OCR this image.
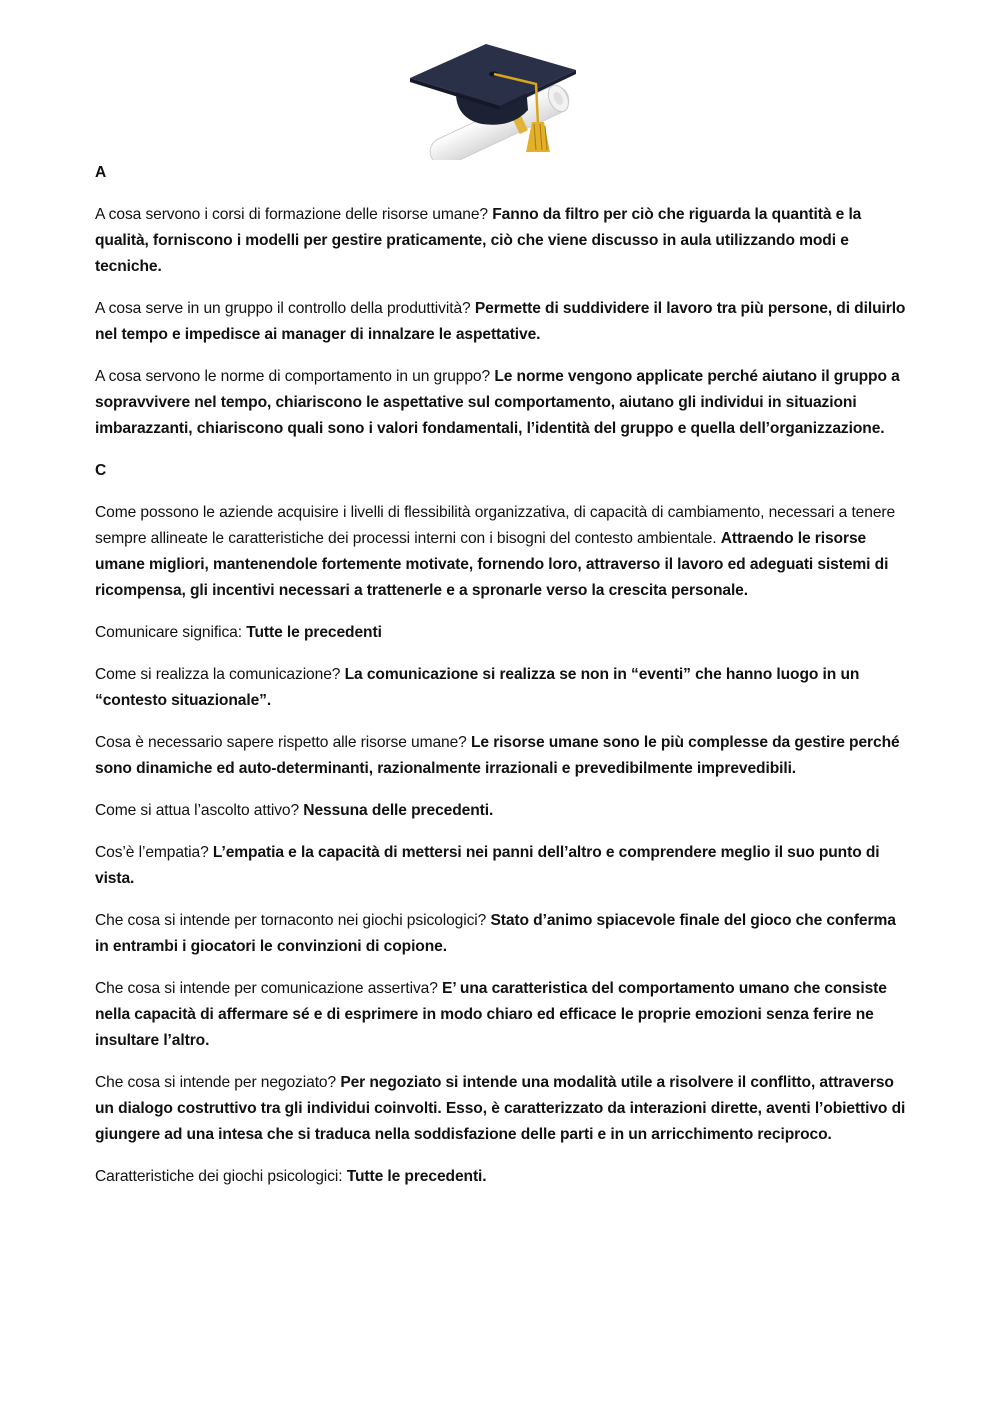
A

A cosa servono i corsi di formazione delle risorse umane? Fanno da filtro per ciò che riguarda la quantità e la qualità, forniscono i modelli per gestire praticamente, ciò che viene discusso in aula utilizzando modi e tecniche.

A cosa serve in un gruppo il controllo della produttività? Permette di suddividere il lavoro tra più persone, di diluirlo nel tempo e impedisce ai manager di innalzare le aspettative.

A cosa servono le norme di comportamento in un gruppo? Le norme vengono applicate perché aiutano il gruppo a sopravvivere nel tempo, chiariscono le aspettative sul comportamento, aiutano gli individui in situazioni imbarazzanti, chiariscono quali sono i valori fondamentali, l’identità del gruppo e quella dell’organizzazione.

C

Come possono le aziende acquisire i livelli di flessibilità organizzativa, di capacità di cambiamento, necessari a tenere sempre allineate le caratteristiche dei processi interni con i bisogni del contesto ambientale. Attraendo le risorse umane migliori, mantenendole fortemente motivate, fornendo loro, attraverso il lavoro ed adeguati sistemi di ricompensa, gli incentivi necessari a trattenerle e a spronarle verso la crescita personale.

Comunicare significa: Tutte le precedenti

Come si realizza la comunicazione? La comunicazione si realizza se non in “eventi” che hanno luogo in un “contesto situazionale”.

Cosa è necessario sapere rispetto alle risorse umane? Le risorse umane sono le più complesse da gestire perché sono dinamiche ed auto-determinanti, razionalmente irrazionali e prevedibilmente imprevedibili.

Come si attua l’ascolto attivo? Nessuna delle precedenti.

Cos’è l’empatia? L’empatia e la capacità di mettersi nei panni dell’altro e comprendere meglio il suo punto di vista.

Che cosa si intende per tornaconto nei giochi psicologici? Stato d’animo spiacevole finale del gioco che conferma in entrambi i giocatori le convinzioni di copione.

Che cosa si intende per comunicazione assertiva? E’ una caratteristica del comportamento umano che consiste nella capacità di affermare sé e di esprimere in modo chiaro ed efficace le proprie emozioni senza ferire ne insultare l’altro.

Che cosa si intende per negoziato? Per negoziato si intende una modalità utile a risolvere il conflitto, attraverso un dialogo costruttivo tra gli individui coinvolti. Esso, è caratterizzato da interazioni dirette, aventi l’obiettivo di giungere ad una intesa che si traduca nella soddisfazione delle parti e in un arricchimento reciproco.

Caratteristiche dei giochi psicologici: Tutte le precedenti.
